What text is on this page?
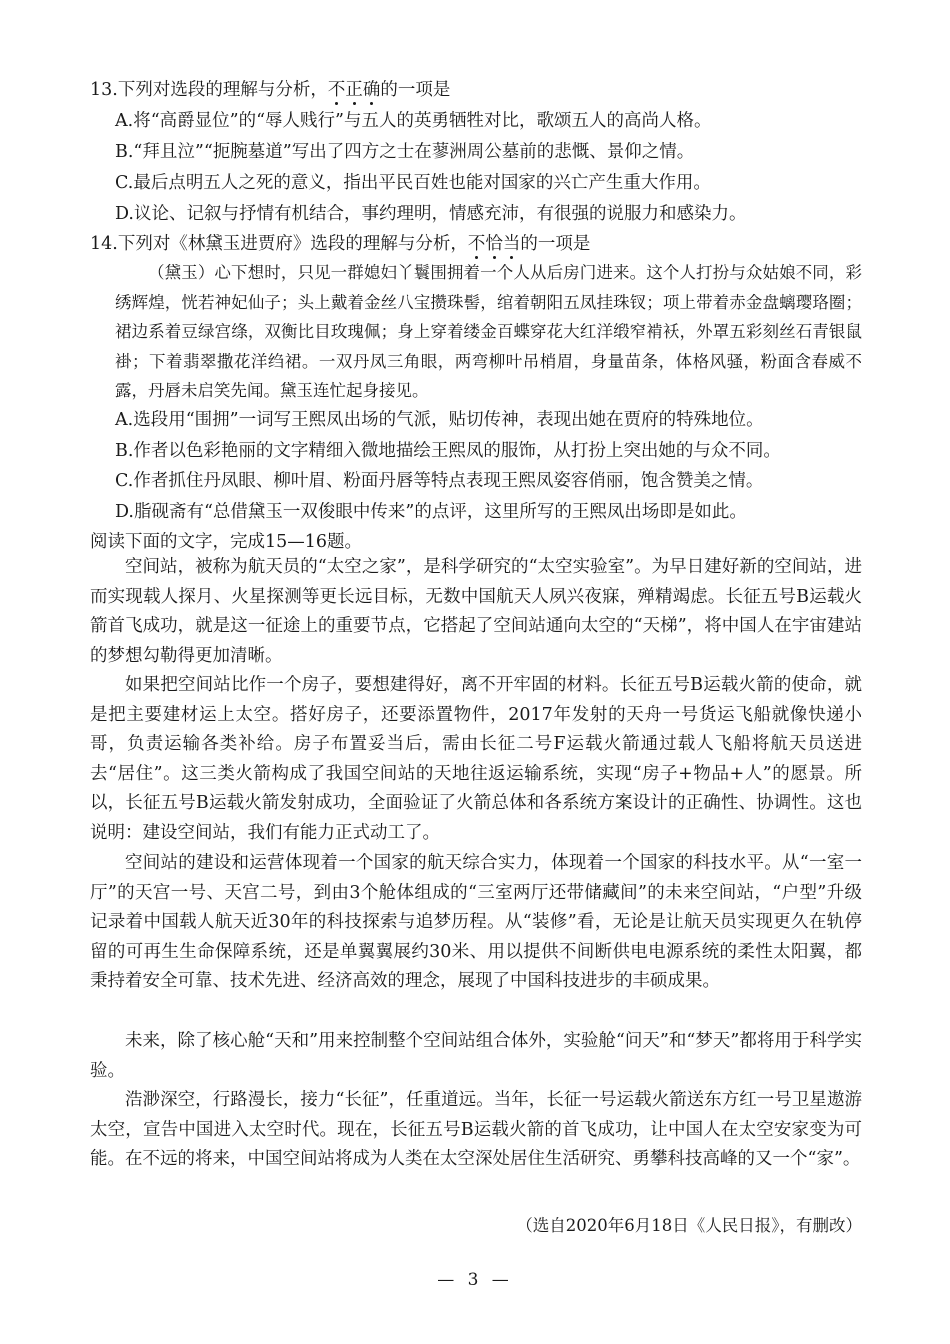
13.下列对选段的理解与分析，不正确的一项是
A.将“高爵显位”的“辱人贱行”与五人的英勇牺牲对比，歌颂五人的高尚人格。
B.“拜且泣”“扼腕墓道”写出了四方之士在蓼洲周公墓前的悲慨、景仰之情。
C.最后点明五人之死的意义，指出平民百姓也能对国家的兴亡产生重大作用。
D.议论、记叙与抒情有机结合，事约理明，情感充沛，有很强的说服力和感染力。
14.下列对《林黛玉进贾府》选段的理解与分析，不恰当的一项是
（黛玉）心下想时，只见一群媳妇丫鬟围拥着一个人从后房门进来。这个人打扮与众姑娘不同，彩绣辉煌，恍若神妃仙子；头上戴着金丝八宝攒珠髻，绾着朝阳五凤挂珠钗；项上带着赤金盘螭璎珞圈；裙边系着豆绿宫绦，双衡比目玫瑰佩；身上穿着缕金百蝶穿花大红洋缎窄褃袄，外罩五彩刻丝石青银鼠褂；下着翡翠撒花洋绉裙。一双丹凤三角眼，两弯柳叶吊梢眉，身量苗条，体格风骚，粉面含春威不露，丹唇未启笑先闻。黛玉连忙起身接见。
A.选段用“围拥”一词写王熙凤出场的气派，贴切传神，表现出她在贾府的特殊地位。
B.作者以色彩艳丽的文字精细入微地描绘王熙凤的服饰，从打扮上突出她的与众不同。
C.作者抓住丹凤眼、柳叶眉、粉面丹唇等特点表现王熙凤姿容俏丽，饱含赞美之情。
D.脂砚斋有“总借黛玉一双俊眼中传来”的点评，这里所写的王熙凤出场即是如此。
阅读下面的文字，完成15—16题。
空间站，被称为航天员的“太空之家”，是科学研究的“太空实验室”。为早日建好新的空间站，进而实现载人探月、火星探测等更长远目标，无数中国航天人夙兴夜寐，殚精竭虑。长征五号B运载火箭首飞成功，就是这一征途上的重要节点，它搭起了空间站通向太空的“天梯”，将中国人在宇宙建站的梦想勾勒得更加清晰。
如果把空间站比作一个房子，要想建得好，离不开牢固的材料。长征五号B运载火箭的使命，就是把主要建材运上太空。搭好房子，还要添置物件，2017年发射的天舟一号货运飞船就像快递小哥，负责运输各类补给。房子布置妥当后，需由长征二号F运载火箭通过载人飞船将航天员送进去“居住”。这三类火箭构成了我国空间站的天地往返运输系统，实现“房子+物品+人”的愿景。所以，长征五号B运载火箭发射成功，全面验证了火箭总体和各系统方案设计的正确性、协调性。这也说明：建设空间站，我们有能力正式动工了。
空间站的建设和运营体现着一个国家的航天综合实力，体现着一个国家的科技水平。从“一室一厅”的天宫一号、天宫二号，到由3个舱体组成的“三室两厅还带储藏间”的未来空间站，“户型”升级记录着中国载人航天近30年的科技探索与追梦历程。从“装修”看，无论是让航天员实现更久在轨停留的可再生生命保障系统，还是单翼翼展约30米、用以提供不间断供电电源系统的柔性太阳翼，都秉持着安全可靠、技术先进、经济高效的理念，展现了中国科技进步的丰硕成果。
未来，除了核心舱“天和”用来控制整个空间站组合体外，实验舱“问天”和“梦天”都将用于科学实验。
浩渺深空，行路漫长，接力“长征”，任重道远。当年，长征一号运载火箭送东方红一号卫星遨游太空，宣告中国进入太空时代。现在，长征五号B运载火箭的首飞成功，让中国人在太空安家变为可能。在不远的将来，中国空间站将成为人类在太空深处居住生活研究、勇攀科技高峰的又一个“家”。
（选自2020年6月18日《人民日报》，有删改）
— 3 —
